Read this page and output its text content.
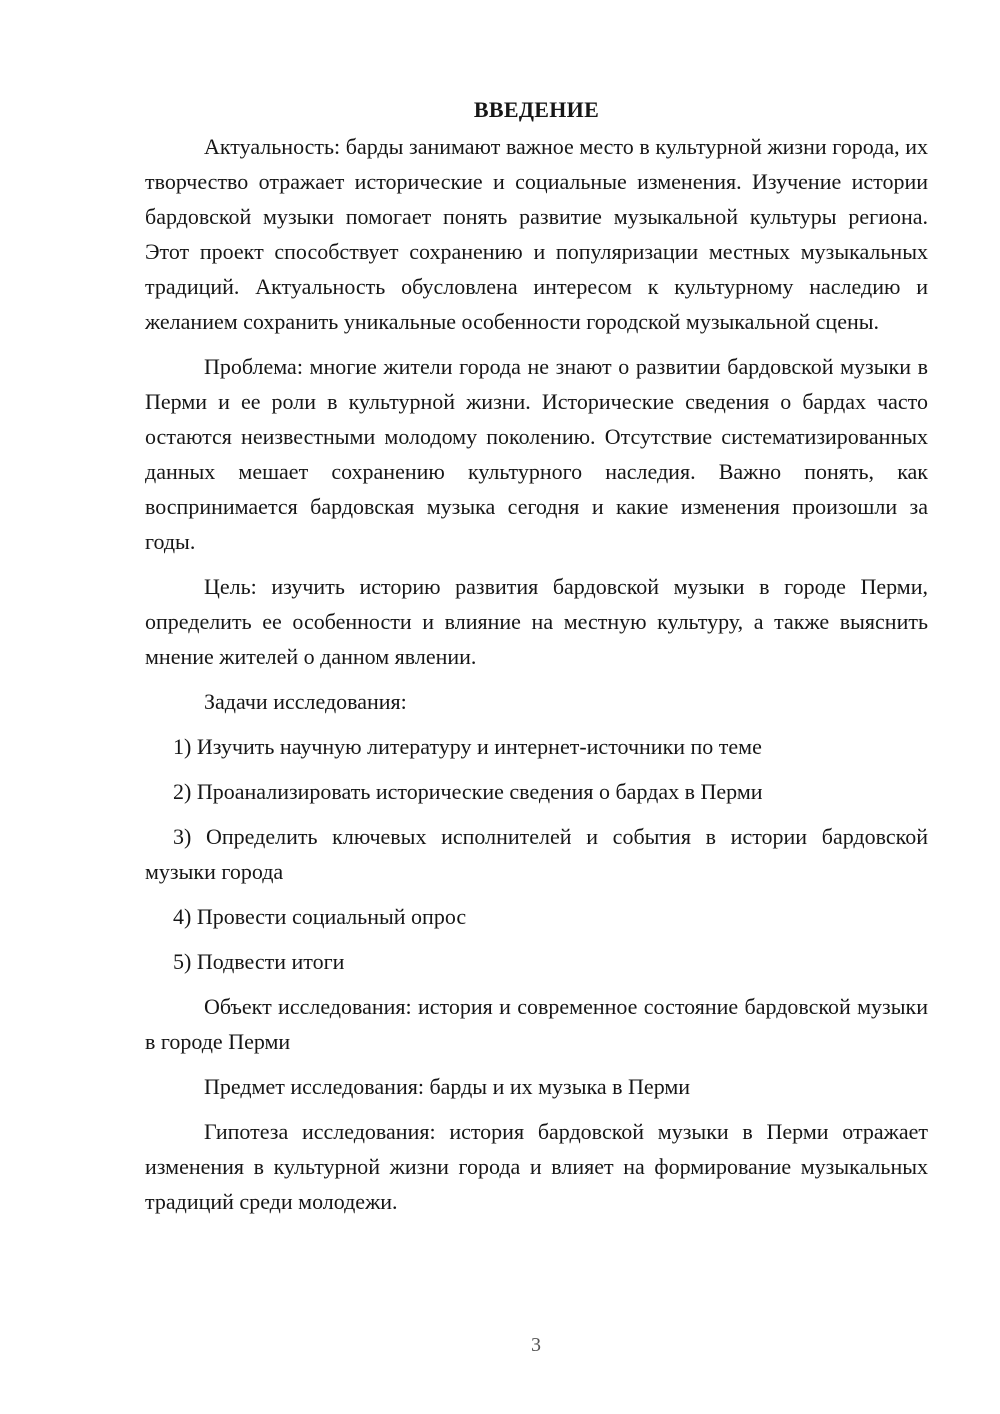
ВВЕДЕНИЕ

Актуальность: барды занимают важное место в культурной жизни города, их творчество отражает исторические и социальные изменения. Изучение истории бардовской музыки помогает понять развитие музыкальной культуры региона. Этот проект способствует сохранению и популяризации местных музыкальных традиций. Актуальность обусловлена интересом к культурному наследию и желанием сохранить уникальные особенности городской музыкальной сцены.

Проблема: многие жители города не знают о развитии бардовской музыки в Перми и ее роли в культурной жизни. Исторические сведения о бардах часто остаются неизвестными молодому поколению. Отсутствие систематизированных данных мешает сохранению культурного наследия. Важно понять, как воспринимается бардовская музыка сегодня и какие изменения произошли за годы.

Цель: изучить историю развития бардовской музыки в городе Перми, определить ее особенности и влияние на местную культуру, а также выяснить мнение жителей о данном явлении.

Задачи исследования:

1) Изучить научную литературу и интернет-источники по теме

2) Проанализировать исторические сведения о бардах в Перми

3) Определить ключевых исполнителей и события в истории бардовской музыки города

4) Провести социальный опрос

5) Подвести итоги

Объект исследования: история и современное состояние бардовской музыки в городе Перми

Предмет исследования: барды и их музыка в Перми

Гипотеза исследования: история бардовской музыки в Перми отражает изменения в культурной жизни города и влияет на формирование музыкальных традиций среди молодежи.

3
